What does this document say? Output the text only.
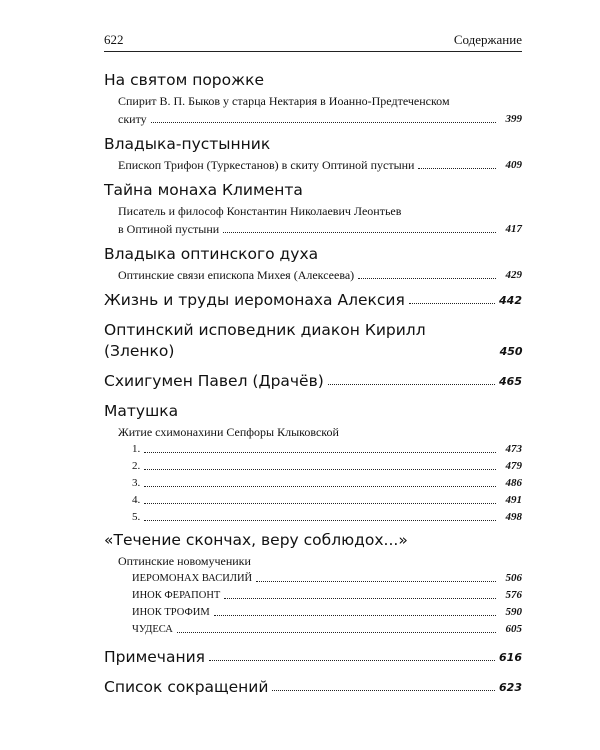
622	Содержание
На святом порожке
Спирит В. П. Быков у старца Нектария в Иоанно-Предтеченском
скиту	399
Владыка-пустынник
Епископ Трифон (Туркестанов) в скиту Оптиной пустыни	409
Тайна монаха Климента
Писатель и философ Константин Николаевич Леонтьев
в Оптиной пустыни	417
Владыка оптинского духа
Оптинские связи епископа Михея (Алексеева)	429
Жизнь и труды иеромонаха Алексия	442
Оптинский исповедник диакон Кирилл (Зленко)	450
Схиигумен Павел (Драчёв)	465
Матушка
Житие схимонахини Сепфоры Клыковской
1.	473
2.	479
3.	486
4.	491
5.	498
«Течение скончах, веру соблюдох...»
Оптинские новомученики
ИЕРОМОНАХ ВАСИЛИЙ	506
ИНОК ФЕРАПОНТ	576
ИНОК ТРОФИМ	590
ЧУДЕСА	605
Примечания	616
Список сокращений	623
